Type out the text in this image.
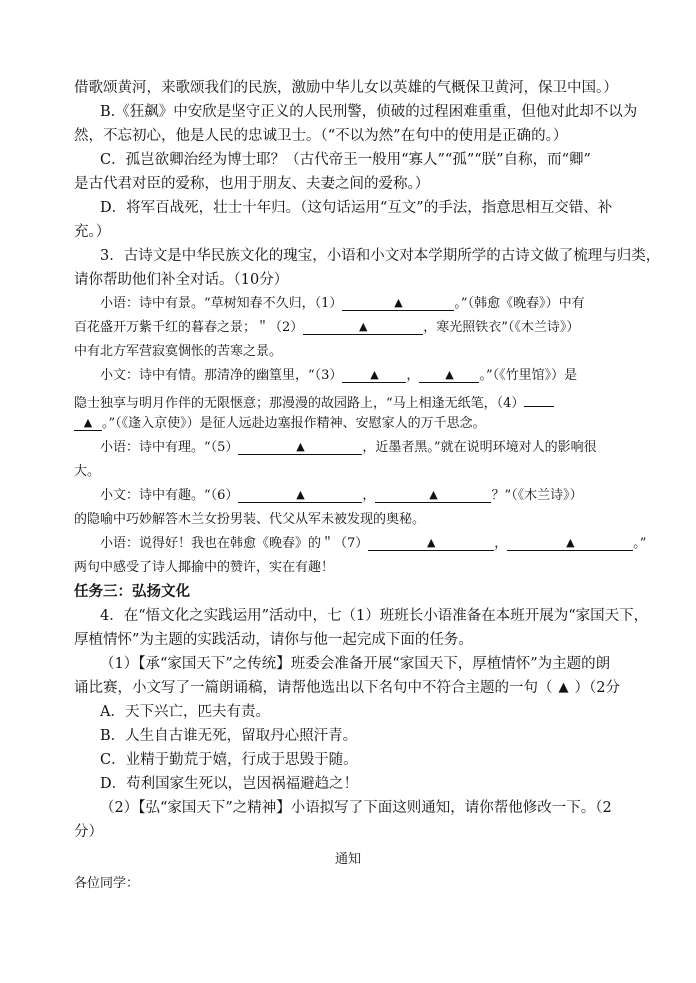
借歌颂黄河，来歌颂我们的民族，激励中华儿女以英雄的气概保卫黄河，保卫中国。）
B.《狂飙》中安欣是坚守正义的人民刑警，侦破的过程困难重重，但他对此却不以为
然，不忘初心，他是人民的忠诚卫士。（“不以为然”在句中的使用是正确的。）
C．孤岂欲卿治经为博士耶？（古代帝王一般用“寡人”“孤”“朕”自称，而“卿”
是古代君对臣的爱称，也用于朋友、夫妻之间的爱称。）
D．将军百战死，壮士十年归。（这句话运用“互文”的手法，指意思相互交错、补
充。）
3．古诗文是中华民族文化的瑰宝，小语和小文对本学期所学的古诗文做了梳理与归类，
请你帮助他们补全对话。（10分）
小语：诗中有景。“草树知春不久归，（1）	▲	。”（韩愈《晚春》）中有
百花盛开万紫千红的暮春之景；＂（2）	▲	，寒光照铁衣”（《木兰诗》）
中有北方军营寂寞惆怅的苦寒之景。
小文：诗中有情。那清净的幽篁里，“（3）	▲ ， ▲ 。”（《竹里馆》）是
隐士独享与明月作伴的无限惬意；那漫漫的故园路上，“马上相逢无纸笔，（4）
▲ 。”（《逢入京使》）是征人远赴边塞报作精神、安慰家人的万千思念。
小语：诗中有理。“（5）	▲	，近墨者黑。”就在说明环境对人的影响很
大。
小文：诗中有趣。“（6）	▲	，	▲	？”（《木兰诗》）
的隐喻中巧妙解答木兰女扮男装、代父从军未被发现的奥秘。
小语：说得好！我也在韩愈《晚春》的＂（7）	▲	，	▲	。”
两句中感受了诗人揶揄中的赞许，实在有趣！
任务三：弘扬文化
4．在“悟文化之实践运用”活动中，七（1）班班长小语准备在本班开展为“家国天下，
厚植情怀”为主题的实践活动，请你与他一起完成下面的任务。
（1）【承“家国天下”之传统】班委会准备开展“家国天下，厚植情怀”为主题的朗
诵比赛，小文写了一篇朗诵稿，请帮他选出以下名句中不符合主题的一句（ ▲ ）（2分
A．天下兴亡，匹夫有责。
B．人生自古谁无死，留取丹心照汗青。
C．业精于勤荒于嬉，行成于思毁于随。
D．苟利国家生死以，岂因祸福避趋之！
（2）【弘“家国天下”之精神】小语拟写了下面这则通知，请你帮他修改一下。（2
分）
通知
各位同学：
